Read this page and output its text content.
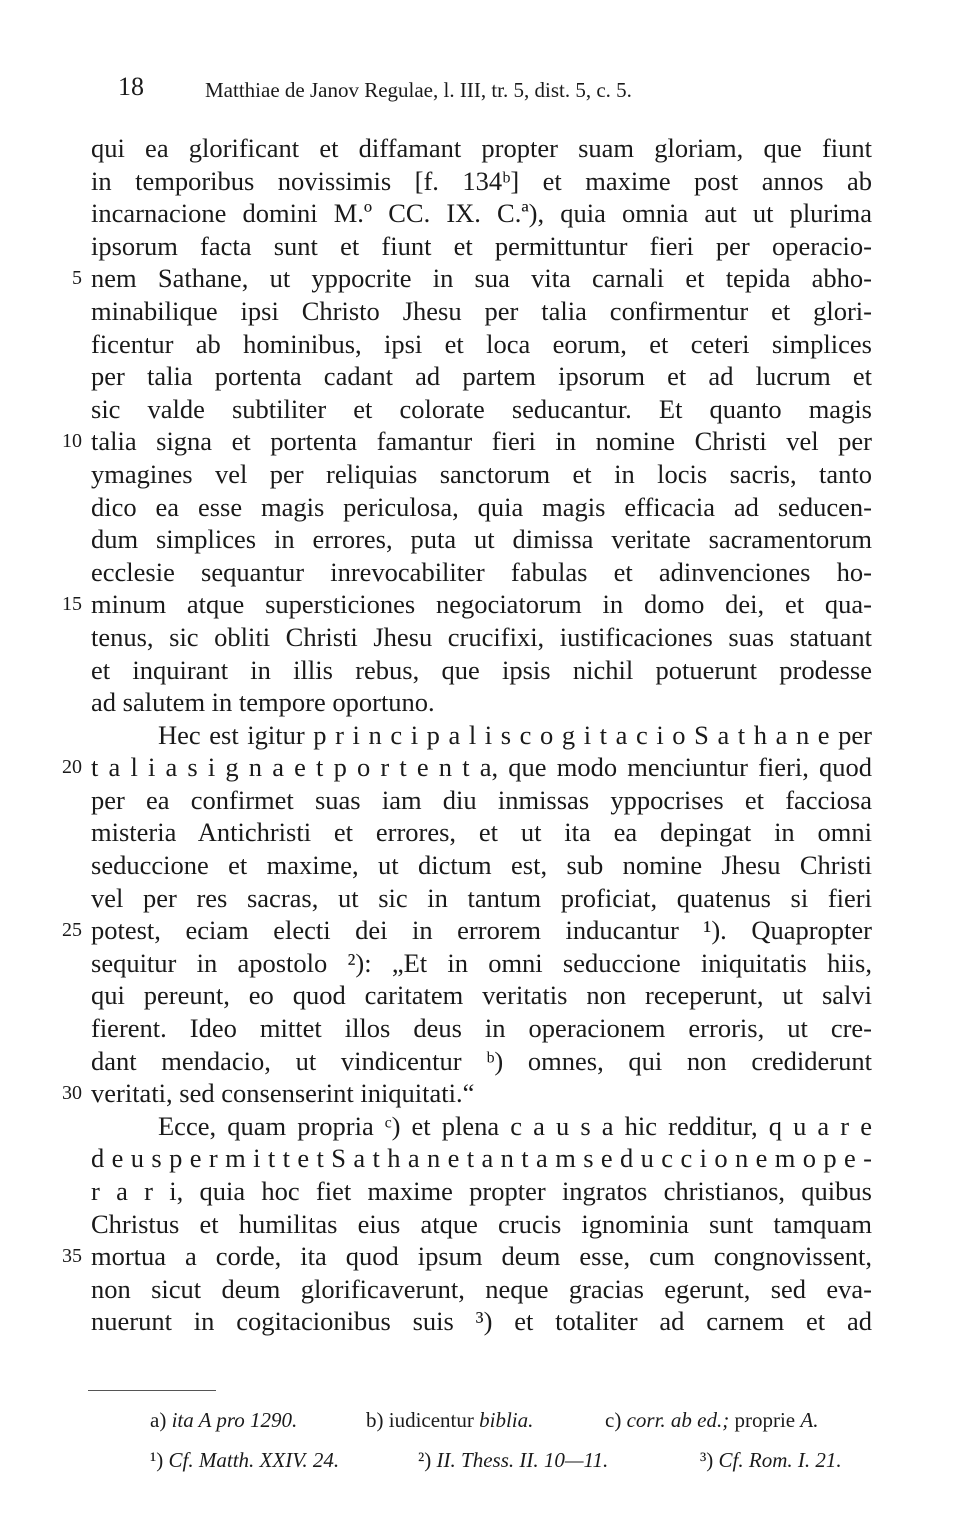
18	Matthiae de Janov Regulae, l. III, tr. 5, dist. 5, c. 5.
qui ea glorificant et diffamant propter suam gloriam, que fiunt
in temporibus novissimis [f. 134ᵇ] et maxime post annos ab
incarnacione domini M.º CC. IX. C.ª), quia omnia aut ut plurima
ipsorum facta sunt et fiunt et permittuntur fieri per operacio-
5 nem Sathane, ut yppocrite in sua vita carnali et tepida abho-
minabilique ipsi Christo Jhesu per talia confirmentur et glori-
ficentur ab hominibus, ipsi et loca eorum, et ceteri simplices
per talia portenta cadant ad partem ipsorum et ad lucrum et
sic valde subtiliter et colorate seducantur. Et quanto magis
10 talia signa et portenta famantur fieri in nomine Christi vel per
ymagines vel per reliquias sanctorum et in locis sacris, tanto
dico ea esse magis periculosa, quia magis efficacia ad seducen-
dum simplices in errores, puta ut dimissa veritate sacramentorum
ecclesie sequantur inrevocabiliter fabulas et adinvenciones ho-
15 minum atque supersticiones negociatorum in domo dei, et qua-
tenus, sic obliti Christi Jhesu crucifixi, iustificaciones suas statuant
et inquirant in illis rebus, que ipsis nichil potuerunt prodesse
ad salutem in tempore oportuno.
Hec est igitur p r i n c i p a l i s c o g i t a c i o S a t h a n e per
20 t a l i a s i g n a e t p o r t e n t a, que modo menciuntur fieri, quod
per ea confirmet suas iam diu inmissas yppocrises et facciosa
misteria Antichristi et errores, et ut ita ea depingat in omni
seduccione et maxime, ut dictum est, sub nomine Jhesu Christi
vel per res sacras, ut sic in tantum proficiat, quatenus si fieri
25 potest, eciam electi dei in errorem inducantur ¹). Quapropter
sequitur in apostolo ²): „Et in omni seduccione iniquitatis hiis,
qui pereunt, eo quod caritatem veritatis non receperunt, ut salvi
fierent. Ideo mittet illos deus in operacionem erroris, ut cre-
dant mendacio, ut vindicentur ᵇ) omnes, qui non crediderunt
30 veritati, sed consenserint iniquitati.“
Ecce, quam propria ᶜ) et plena c a u s a hic redditur, q u a r e
d e u s p e r m i t t e t S a t h a n e t a n t a m s e d u c c i o n e m o p e -
r a r i, quia hoc fiet maxime propter ingratos christianos, quibus
Christus et humilitas eius atque crucis ignominia sunt tamquam
35 mortua a corde, ita quod ipsum deum esse, cum congnovissent,
non sicut deum glorificaverunt, neque gracias egerunt, sed eva-
nuerunt in cogitacionibus suis ³) et totaliter ad carnem et ad
a) ita A pro 1290.	b) iudicentur biblia.	c) corr. ab ed.; proprie A.
¹) Cf. Matth. XXIV. 24.	²) II. Thess. II. 10—11.	³) Cf. Rom. I. 21.
